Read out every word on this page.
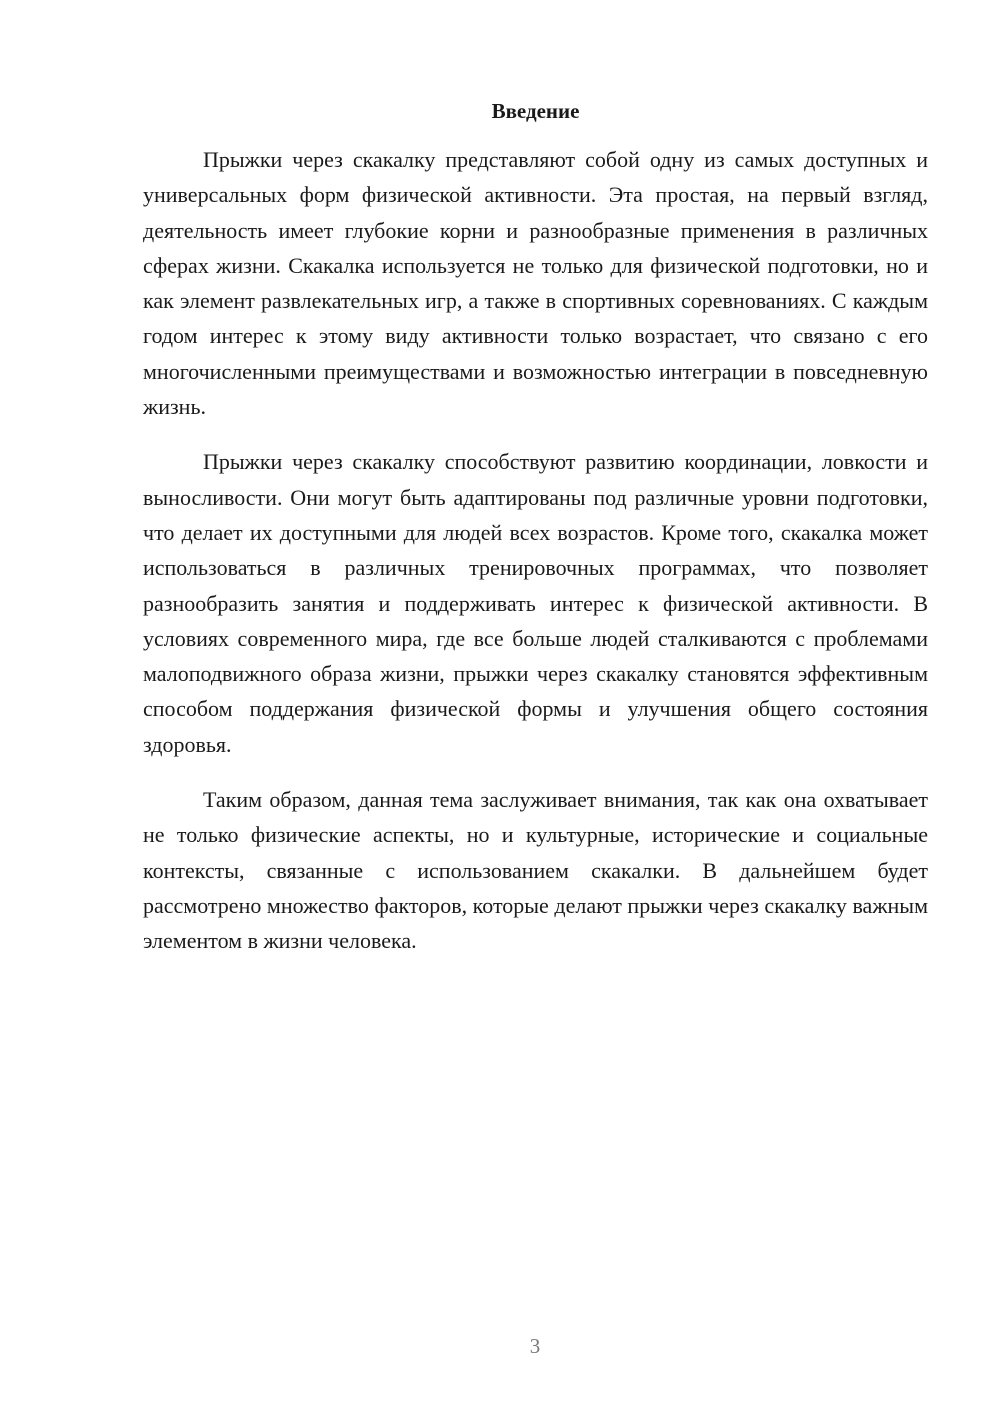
Введение

Прыжки через скакалку представляют собой одну из самых доступных и универсальных форм физической активности. Эта простая, на первый взгляд, деятельность имеет глубокие корни и разнообразные применения в различных сферах жизни. Скакалка используется не только для физической подготовки, но и как элемент развлекательных игр, а также в спортивных соревнованиях. С каждым годом интерес к этому виду активности только возрастает, что связано с его многочисленными преимуществами и возможностью интеграции в повседневную жизнь.

Прыжки через скакалку способствуют развитию координации, ловкости и выносливости. Они могут быть адаптированы под различные уровни подготовки, что делает их доступными для людей всех возрастов. Кроме того, скакалка может использоваться в различных тренировочных программах, что позволяет разнообразить занятия и поддерживать интерес к физической активности. В условиях современного мира, где все больше людей сталкиваются с проблемами малоподвижного образа жизни, прыжки через скакалку становятся эффективным способом поддержания физической формы и улучшения общего состояния здоровья.

Таким образом, данная тема заслуживает внимания, так как она охватывает не только физические аспекты, но и культурные, исторические и социальные контексты, связанные с использованием скакалки. В дальнейшем будет рассмотрено множество факторов, которые делают прыжки через скакалку важным элементом в жизни человека.

3
